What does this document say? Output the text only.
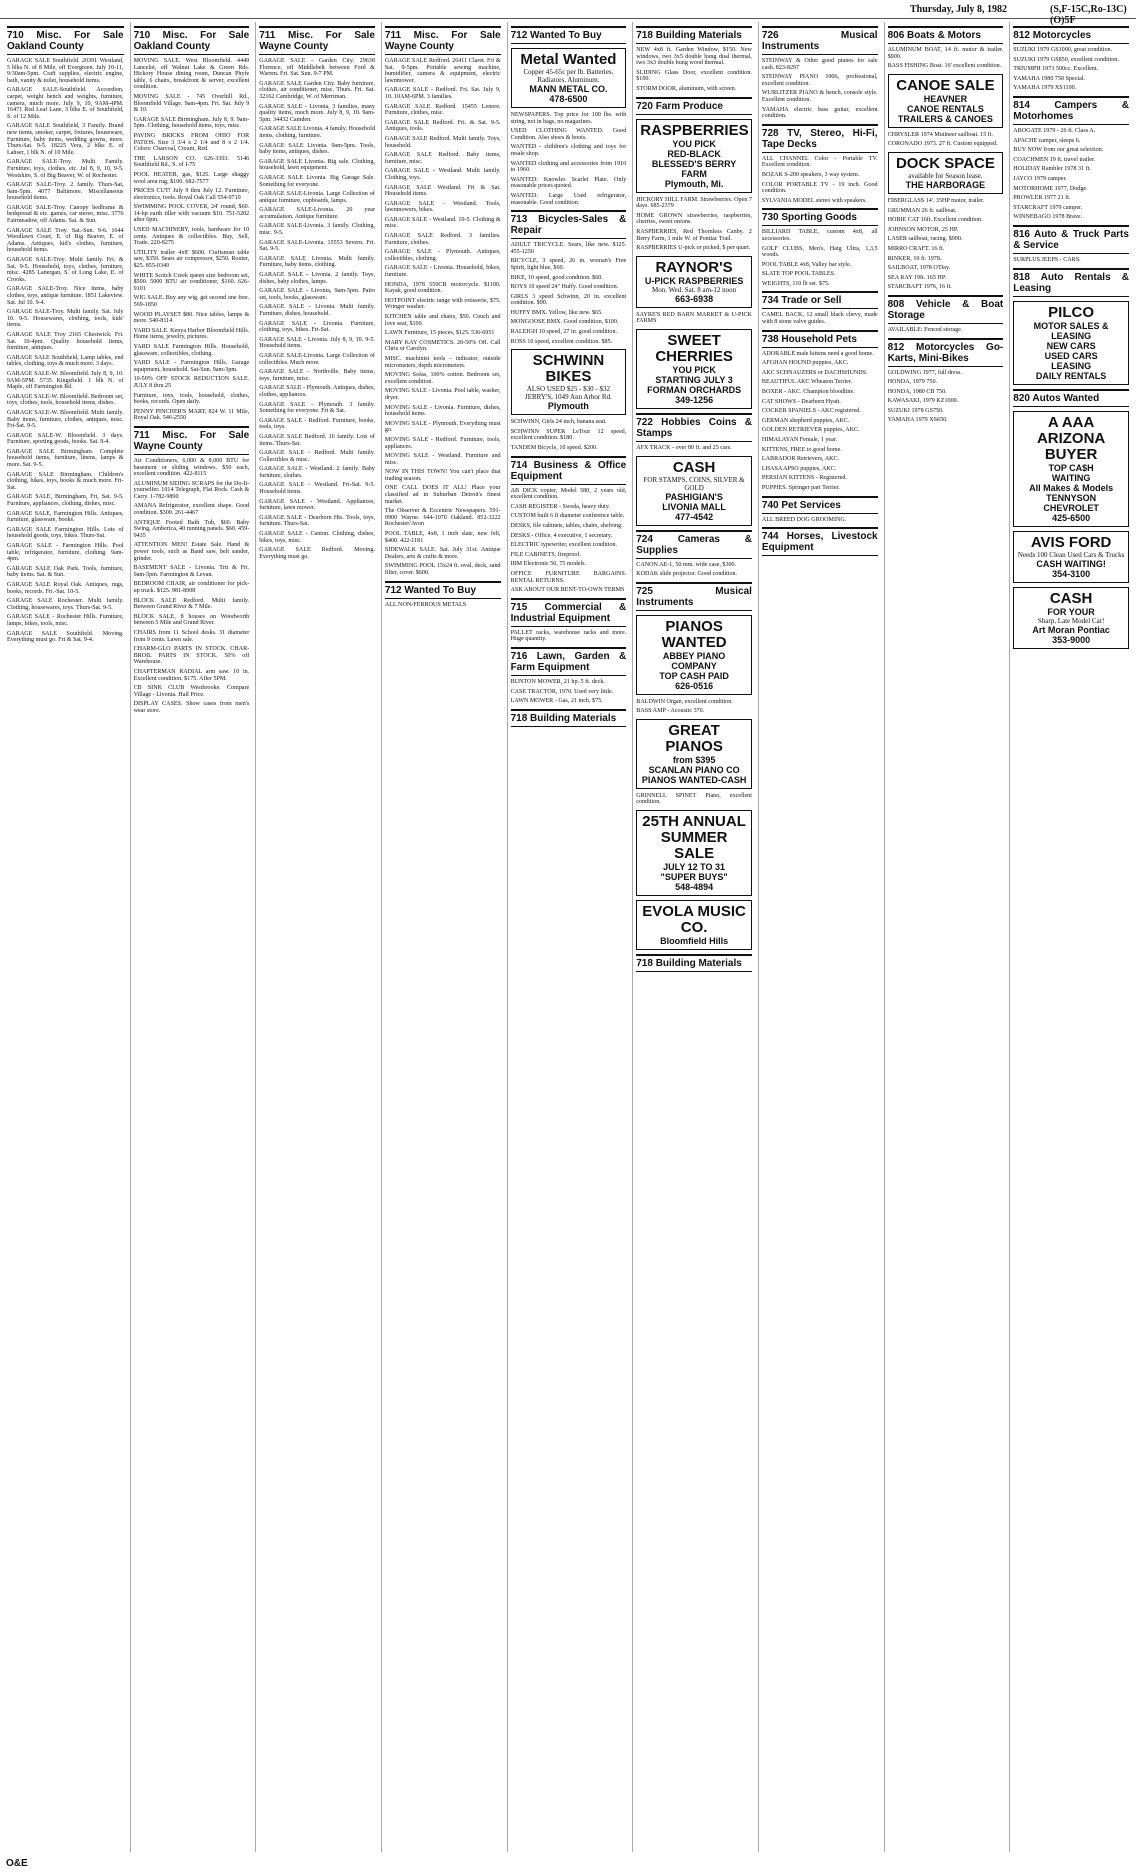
Thursday, July 8, 1982	(S,F-15C,Ro-13C)(O)5F
710 Misc. For Sale Oakland County
GARAGE SALE Southfield. 20391 Westland, 5 blks N. of 8 Mile, off Evergreen. July 10-11, 9:30am-5pm. Craft supplies, electric engine, bath, vanity & toilet, household items.
GARAGE SALE-Southfield. Accordion, carpet, weight bench and weights, furniture, camera, much more. July 9, 10, 9AM-4PM. 16471 Red Leaf Lane, 3 blks E. of Southfield, S. of 12 Mile.
GARAGE SALE Southfield, 3 Family. Brand new items, smoker, carpet, fixtures, houseware, Furniture, baby items, wedding gowns, more. Thurs-Sat. 9-5. 18225 Vera, 2 blks E. of Lahser, 1 blk N. of 10 Mile.
GARAGE SALE-Troy. Multi Family. Furniture, toys, clothes, etc. Jul 8, 9, 10, 9-5. Westshire, S. of Big Beaver, W. of Rochester.
GARAGE SALE-Troy. 2 family. Thurs-Sat, 9am-5pm. 4077 Baltimore. Miscellaneous household items.
GARAGE SALE-Troy. Canopy bedframe & bedspread & etc. games, car stereo, misc. 3776 Fairmeadow, off Adams. Sat. & Sun.
GARAGE SALE Troy. Sat.-Sun. 9-6. 1644 Woodlawn Court, E. of Big Beaver, E. of Adams. Antiques, kid's clothes, furniture, household items.
GARAGE SALE-Troy. Multi family. Fri. & Sat. 9-5. Household, toys, clothes, furniture, misc. 4285 Lanergan, S. of Long Lake, E. of Crooks.
GARAGE SALE-Troy. Nice items, baby clothes, toys, antique furniture. 1851 Lakeview. Sat. Jul 10. 9-4.
GARAGE SALE-Troy. Multi family. Sat. July 10. 9-5. Housewares, clothing, tools, kids' items.
GARAGE SALE Troy 2165 Chestwick. Fri. Sat. 10-4pm. Quality household items, furniture, antiques.
GARAGE SALE Southfield, Lamp tables, end tables, clothing, toys & much more. 3 days.
GARAGE SALE-W. Bloomfield. July 8, 9, 10. 9AM-5PM. 5735 Kingsfield. 1 blk N. of Maple, off Farmington Rd.
GARAGE SALE-W. Bloomfield. Bedroom set, toys, clothes, tools, household items, dishes.
GARAGE SALE-W. Bloomfield. Multi family. Baby items, furniture, clothes, antiques, misc. Fri-Sat. 9-5.
GARAGE SALE-W. Bloomfield. 3 days. Furniture, sporting goods, books. Sat. 9-4.
GARAGE SALE Birmingham. Complete household items, furniture, linens, lamps & more. Sat. 9-5.
GARAGE SALE Birmingham. Children's clothing, bikes, toys, books & much more. Fri-Sat.
GARAGE SALE, Birmingham, Fri, Sat. 9-5. Furniture, appliances, clothing, dishes, misc.
GARAGE SALE, Farmington Hills. Antiques, furniture, glassware, books.
GARAGE SALE Farmington Hills. Lots of household goods, toys, bikes. Thurs-Sat.
GARAGE SALE - Farmington Hills. Pool table, refrigerator, furniture, clothing. 9am-4pm.
GARAGE SALE Oak Park. Tools, furniture, baby items. Sat. & Sun.
GARAGE SALE Royal Oak. Antiques, rugs, books, records. Fri.-Sat. 10-5.
GARAGE SALE Rochester. Multi family. Clothing, housewares, toys. Thurs-Sat. 9-5.
GARAGE SALE - Rochester Hills. Furniture, lamps, bikes, tools, misc.
GARAGE SALE Southfield. Moving. Everything must go. Fri & Sat. 9-4.
710 Misc. For Sale Oakland County
MOVING SALE. West Bloomfield. 4449 Lancelot, off Walnut Lake & Green Rds. Hickory House dining room, Duncan Phyfe table, 6 chairs, breakfront & server, excellent condition.
MOVING SALE - 745 Overhill Rd., Bloomfield Village. 9am-4pm. Fri. Sat. July 9 & 10.
GARAGE SALE Birmingham. July 8, 9. 9am-5pm. Clothing, household items, toys, misc.
PAVING BRICKS FROM OHIO FOR PATIOS. Size 3 3/4 x 2 1/4 and 8 x 2 1/4. Colors: Charcoal, Cream, Red.
THE LARSON CO. 626-3303. 5146 Southfield Rd., S. of I-75
POOL HEATER, gas, $125. Large shaggy wool area rug, $100. 682-7577
PRICES CUT! July 9 thru July 12. Furniture, electronics, tools. Royal Oak Call 554-0710
SWIMMING POOL COVER, 24' round, $60. 14-hp earth tiller with vacuum $10. 751-5202 after 6pm.
USED MACHINERY, tools, hardware for 10 cents. Antiques & collectibles. Buy, Sell, Trade. 220-8275
UTILITY trailer 4x8' $600. Craftsman table saw, $350. Sears air compressor, $250. Router, $25. 855-0349
WHITE Scotch Creek queen size bedroom set, $500. 5000 BTU air conditioner, $160. 626-9101
WIG SALE. Buy any wig, get second one free. 569-1850
WOOD PLAYSET $80. Nice tables, lamps & more. 540-8114
YARD SALE. Kenya Harbor Bloomfield Hills. Home items, jewelry, pictures.
YARD SALE Farmington Hills. Household, glassware, collectibles, clothing.
YARD SALE - Farmington Hills. Garage equipment, household. Sat-Sun. 9am-3pm.
10-50% OFF STOCK REDUCTION SALE. JULY 8 thru 25
Furniture, toys, tools, household, clothes, books, records. Open daily.
PENNY PINCHER'S MART. 824 W. 11 Mile, Royal Oak. 546-2550
711 Misc. For Sale Wayne County
Air Conditioners, 6,000 & 8,000 BTU for basement or sliding windows. $50 each, excellent condition. 422-8115
ALUMINUM SIDING SCRAPS for the Do-It-yourselfer. 1014 Telegraph, Flat Rock. Cash & Carry. 1-782-9890
AMANA Refrigerator, excellent shape. Good condition. $300. 261-4467
ANTIQUE Footed Bath Tub, $60. Baby Swing, Amberica, 40 running panels. $60. 459-9435
ATTENTION MEN! Estate Sale. Hand & power tools, such as Band saw, belt sander, grinder.
BASEMENT SALE - Livonia. Trtt & Fri. 9am-5pm. Farmington & Levan.
BEDROOM CHAIR, air conditioner for pick-up truck. $125. 981-8008
BLOCK SALE Redford. Multi family. Between Grand River & 7 Mile.
BLOCK SALE, 8 houses on Woodworth between 5 Mile and Grand River.
CHAIRS from 11 School desks. 31 diameter from 9 cents. Lawn sale.
CHARM-GLO PARTS IN STOCK. CHAR-BROIL PARTS IN STOCK. 50% off Warehouse.
CHAPTERMAN RADIAL arm saw. 10 in. Excellent condition. $175. After 5PM.
CB SINK CLUB Westbrooke. Compare Village - Livonia. Half Price.
DISPLAY CASES. Show cases from men's wear store.
711 Misc. For Sale Wayne County
GARAGE SALE - Garden City. 29638 Florence, off Middlebelt between Ford & Warren. Fri. Sat. Sun. 9-7 PM.
GARAGE SALE Garden City. Baby furniture, clothes, air conditioner, misc. Thurs. Fri. Sat. 32162 Cambridge, W. of Merriman.
GARAGE SALE - Livonia, 3 families, many quality items, much more. July 8, 9, 10. 9am-5pm. 34432 Camden.
GARAGE SALE Livonia. 4 family. Household items, clothing, furniture.
GARAGE SALE Livonia. 9am-5pm. Tools, baby items, antiques, dishes.
GARAGE SALE Livonia. Big sale. Clothing, household, lawn equipment.
GARAGE SALE Livonia. Big Garage Sale. Something for everyone.
GARAGE SALE-Livonia. Large Collection of antique furniture, cupboards, lamps.
GARAGE SALE-Livonia. 20 year accumulation. Antique furniture.
GARAGE SALE-Livonia. 3 family. Clothing, misc. 9-5.
GARAGE SALE-Livonia. 15553 Severn. Fri. Sat. 9-5.
GARAGE SALE Livonia. Multi family. Furniture, baby items, clothing.
GARAGE SALE - Livonia. 2 family. Toys, dishes, baby clothes, lamps.
GARAGE SALE - Livonia, 9am-5pm. Patio set, tools, books, glassware.
GARAGE SALE - Livonia. Multi family. Furniture, dishes, household.
GARAGE SALE - Livonia. Furniture, clothing, toys, bikes. Fri-Sat.
GARAGE SALE - Livonia. July 8, 9, 10. 9-5. Household items.
GARAGE SALE-Livonia. Large Collection of collectibles. Much more.
GARAGE SALE - Northville. Baby items, toys, furniture, misc.
GARAGE SALE - Plymouth. Antiques, dishes, clothes, appliances.
GARAGE SALE - Plymouth. 3 family. Something for everyone. Fri & Sat.
GARAGE SALE - Redford. Furniture, books, tools, toys.
GARAGE SALE Redford. 16 family. Lots of items. Thurs-Sat.
GARAGE SALE - Redford. Multi family. Collectibles & misc.
GARAGE SALE - Westland. 2 family. Baby furniture, clothes.
GARAGE SALE - Westland. Fri-Sat. 9-5. Household items.
GARAGE SALE - Westland. Appliances, furniture, lawn mower.
GARAGE SALE - Dearborn Hts. Tools, toys, furniture. Thurs-Sat.
GARAGE SALE - Canton. Clothing, dishes, bikes, toys, misc.
GARAGE SALE Redford. Moving. Everything must go.
711 Misc. For Sale Wayne County
GARAGE SALE Redford. 26411 Claret. Fri & Sat. 9-5pm. Portable sewing machine, humidifier, camera & equipment, electric lawnmower.
GARAGE SALE - Redford. Fri. Sat. July 9, 10. 10AM-6PM. 3 families.
GARAGE SALE Redford. 15455 Lenore. Furniture, clothes, misc.
GARAGE SALE Redford. Fri. & Sat. 9-5. Antiques, tools.
GARAGE SALE Redford. Multi family. Toys, household.
GARAGE SALE Redford. Baby items, furniture, misc.
GARAGE SALE - Westland. Multi family. Clothing, toys.
GARAGE SALE Westland. Fri & Sat. Household items.
GARAGE SALE - Westland. Tools, lawnmowers, bikes.
GARAGE SALE - Westland. 10-5. Clothing & misc.
GARAGE SALE Redford. 3 families. Furniture, clothes.
GARAGE SALE - Plymouth. Antiques, collectibles, clothing.
GARAGE SALE - Livonia. Household, bikes, furniture.
HONDA, 1978 550CB motorcycle. $1100. Kayak, good condition.
HOTPOINT electric range with rotisserie, $75. Wringer washer.
KITCHEN table and chairs, $50. Couch and love seat, $100.
LAWN Furniture, 15 pieces, $125. 536-6951
MARY KAY COSMETICS. 20-50% Off. Call Chris or Carolyn.
MISC. machinist tools - indicator, outside micrometers, depth micrometers.
MOVING Sofas, 100% cotton. Bedroom set, excellent condition.
MOVING SALE - Livonia. Pool table, washer, dryer.
MOVING SALE - Livonia. Furniture, dishes, household items.
MOVING SALE - Plymouth. Everything must go.
MOVING SALE - Redford. Furniture, tools, appliances.
MOVING SALE - Westland. Furniture and misc.
NOW IN THIS TOWN! You can't place that trading season.
ONE CALL DOES IT ALL! Place your classified ad in Suburban Detroit's finest market.
The Observer & Eccentric Newspapers. 591-0900 Wayne. 644-1070 Oakland. 852-3222 Rochester/Avon
POOL TABLE, 4x8, 1 inch slate, new felt, $400. 422-1181
SIDEWALK SALE. Sat. July 31st. Antique Dealers, arts & crafts & more.
SWIMMING POOL 15x24 ft. oval, deck, sand filter, cover. $600.
712 Wanted To Buy
ALL NON-FERROUS METALS
712 Wanted To Buy
Metal Wanted
Copper 45-65c per lb. Batteries. Radiators. Aluminum.
MANN METAL CO.
478-6500
NEWSPAPERS. Top price for 100 lbs. with string, not in bags, no magazines.
USED CLOTHING WANTED. Good Condition. Also shoes & boots.
WANTED - children's clothing and toys for resale shop.
WANTED clothing and accessories from 1910 to 1960.
WANTED: Knowles Scarlet Plate. Only reasonable prices quoted.
WANTED: Large Used refrigerator, reasonable. Good condition.
713 Bicycles-Sales & Repair
ADULT TRICYCLE. Sears, like new. $125. 455-1250
BICYCLE, 3 speed, 26 in. woman's Free Spirit, light blue, $60.
BIKE, 10 speed, good condition. $60.
BOYS 10 speed 24" Huffy. Good condition.
GIRLS 3 speed Schwinn, 20 in. excellent condition. $90.
HUFFY BMX. Yellow, like new. $65.
MONGOOSE BMX. Good condition, $100.
RALEIGH 10 speed, 27 in. good condition.
ROSS 10 speed, excellent condition. $85.
SCHWINN BIKES
ALSO USED $25 - $30 - $32
JERRY'S, 1049 Ann Arbor Rd.
Plymouth
SCHWINN, Girls 24 inch, banana seat.
SCHWINN SUPER LeTour 12 speed, excellent condition. $180.
TANDEM Bicycle, 10 speed. $200.
714 Business & Office Equipment
AB DICK copier, Model 580, 2 years old, excellent condition.
CASH REGISTER - Sweda, heavy duty.
CUSTOM built 6 ft diameter conference table.
DESKS, file cabinets, tables, chairs, shelving.
DESKS - Office, 4 executive, 1 secretary.
ELECTRIC typewriter, excellent condition.
FILE CABINETS, fireproof.
IBM Electronic 50, 75 models.
OFFICE FURNITURE BARGAINS. RENTAL RETURNS.
ASK ABOUT OUR RENT-TO-OWN TERMS
715 Commercial & Industrial Equipment
PALLET racks, warehouse racks and more. Huge quantity.
716 Lawn, Garden & Farm Equipment
BUNTON MOWER, 21 hp. 5 ft. deck.
CASE TRACTOR, 1970. Used very little.
LAWN MOWER - Gas, 21 inch, $75.
718 Building Materials
718 Building Materials
NEW 4x8 ft. Garden Window, $150. New windows, two 3x5 double hung dual thermal, two 3x3 double hung wood thermal.
SLIDING Glass Door, excellent condition. $100.
STORM DOOR, aluminum, with screen.
720 Farm Produce
RASPBERRIES
YOU PICK
RED-BLACK
BLESSED'S BERRY FARM
Plymouth, Mi.
HICKORY HILL FARM. Strawberries. Open 7 days. 685-2379
HOME GROWN strawberries, raspberries, cherries, sweet onions.
RASPBERRIES, Red Thornless Canby. 2 Berry Farm, 1 mile W. of Pontiac Trail.
RASPBERRIES U-pick or picked, $ per quart.
RAYNOR'S
U-PICK RASPBERRIES
Mon. Wed. Sat. 8 am-12 noon
663-6938
SAYRE'S RED BARN MARKET & U-PICK FARMS
SWEET CHERRIES
YOU PICK
STARTING JULY 3
FORMAN ORCHARDS
349-1256
722 Hobbies Coins & Stamps
AFX TRACK - over 80 ft. and 25 cars.
CASH
FOR STAMPS, COINS, SILVER & GOLD
PASHIGIAN'S
LIVONIA MALL
477-4542
724 Cameras & Supplies
CANON AE-1, 50 mm. wide case, $300.
KODAK slide projector. Good condition.
725 Musical Instruments
PIANOS WANTED
ABBEY PIANO COMPANY
TOP CASH PAID
626-0516
BALDWIN Organ, excellent condition.
BASS AMP - Acoustic 370.
GREAT PIANOS
from $395
SCANLAN PIANO CO
PIANOS WANTED-CASH
GRINNELL SPINET Piano, excellent condition.
25TH ANNUAL SUMMER SALE
JULY 12 TO 31
"SUPER BUYS"
548-4894
EVOLA MUSIC CO.
Bloomfield Hills
718 Building Materials
726 Musical Instruments
STEINWAY & Other good pianos for sale cash. 823-8297
STEINWAY PIANO 1906, professional, excellent condition.
WURLITZER PIANO & bench, console style. Excellent condition.
YAMAHA electric bass guitar, excellent condition.
728 TV, Stereo, Hi-Fi, Tape Decks
ALL CHANNEL Color - Portable TV. Excellent condition.
BOZAK S-200 speakers, 3 way system.
COLOR PORTABLE TV - 19 inch. Good condition.
SYLVANIA MODEL stereo with speakers.
730 Sporting Goods
BILLIARD TABLE, custom 4x8, all accessories.
GOLF CLUBS, Men's, Haig Ultra, 1,3,5 woods.
POOL TABLE 4x8, Valley bar style.
SLATE TOP POOL TABLES.
WEIGHTS, 110 lb set. $75.
734 Trade or Sell
CAMEL BACK, 12 small black chevy, made with 8 stone valve guides.
738 Household Pets
ADORABLE male kittens need a good home.
AFGHAN HOUND puppies, AKC.
AKC SCHNAUZERS or DACHSHUNDS.
BEAUTIFUL AKC Wheaton Terrier.
BOXER - AKC. Champion bloodline.
CAT SHOWS - Dearborn Hyatt.
COCKER SPANIELS - AKC registered.
GERMAN shepherd puppies, AKC.
GOLDEN RETRIEVER puppies, AKC.
HIMALAYAN Female, 1 year.
KITTENS, FREE to good home.
LABRADOR Retrievers, AKC.
LHASA APSO puppies, AKC.
PERSIAN KITTENS - Registered.
PUPPIES. Springer part Terrier.
740 Pet Services
ALL BREED DOG GROOMING.
744 Horses, Livestock Equipment
806 Boats & Motors
ALUMINUM BOAT, 14 ft. motor & trailer. $900.
BASS FISHING Boat. 16' excellent condition.
CANOE SALE
HEAVNER
CANOE RENTALS
TRAILERS & CANOES
CHRYSLER 1974 Mutineer sailboat. 15 ft.
CORONADO 1973. 27 ft. Custom equipped.
DOCK SPACE
available for Season lease.
THE HARBORAGE
FIBERGLASS 14'. 35HP motor, trailer.
GRUMMAN 26 ft. sailboat.
HOBIE CAT 16ft. Excellent condition.
JOHNSON MOTOR, 25 HP.
LASER sailboat, racing. $900.
MIRRO CRAFT. 16 ft.
RINKER, 19 ft. 1978.
SAILBOAT, 1978 O'Day.
SEA RAY 19ft. 165 HP.
STARCRAFT 1976, 16 ft.
808 Vehicle & Boat Storage
AVAILABLE: Fenced storage.
812 Motorcycles Go-Karts, Mini-Bikes
GOLDWING 1977, full dress.
HONDA, 1979 750.
HONDA, 1980 CB 750.
KAWASAKI, 1979 KZ1000.
SUZUKI 1978 GS750.
YAMAHA 1979 XS650.
812 Motorcycles
SUZUKI 1979 GS1000, great condition.
SUZUKI 1979 GS850, excellent condition.
TRIUMPH 1973 500cc. Excellent.
YAMAHA 1980 750 Special.
YAMAHA 1979 XS1100.
814 Campers & Motorhomes
ABOGATE 1979 - 26 ft. Class A.
APACHE camper, sleeps 6.
BUY NOW from our great selection.
COACHMEN 19 ft. travel trailer.
HOLIDAY Rambler 1978 31 ft.
JAYCO 1979 camper.
MOTORHOME 1977, Dodge.
PROWLER 1977 21 ft.
STARCRAFT 1979 camper.
WINNEBAGO 1978 Brave.
816 Auto & Truck Parts & Service
SURPLUS JEEPS - CARS.
818 Auto Rentals & Leasing
PILCO
MOTOR SALES & LEASING
NEW CARS
USED CARS
LEASING
DAILY RENTALS
820 Autos Wanted
A AAA ARIZONA BUYER
TOP CA$H
WAITING
All Makes & Models
TENNYSON CHEVROLET
425-6500
AVIS FORD
Needs 100 Clean Used Cars & Trucks
CASH WAITING!
354-3100
CASH
FOR YOUR
Sharp, Late Model Car!
Art Moran Pontiac
353-9000
O&E
